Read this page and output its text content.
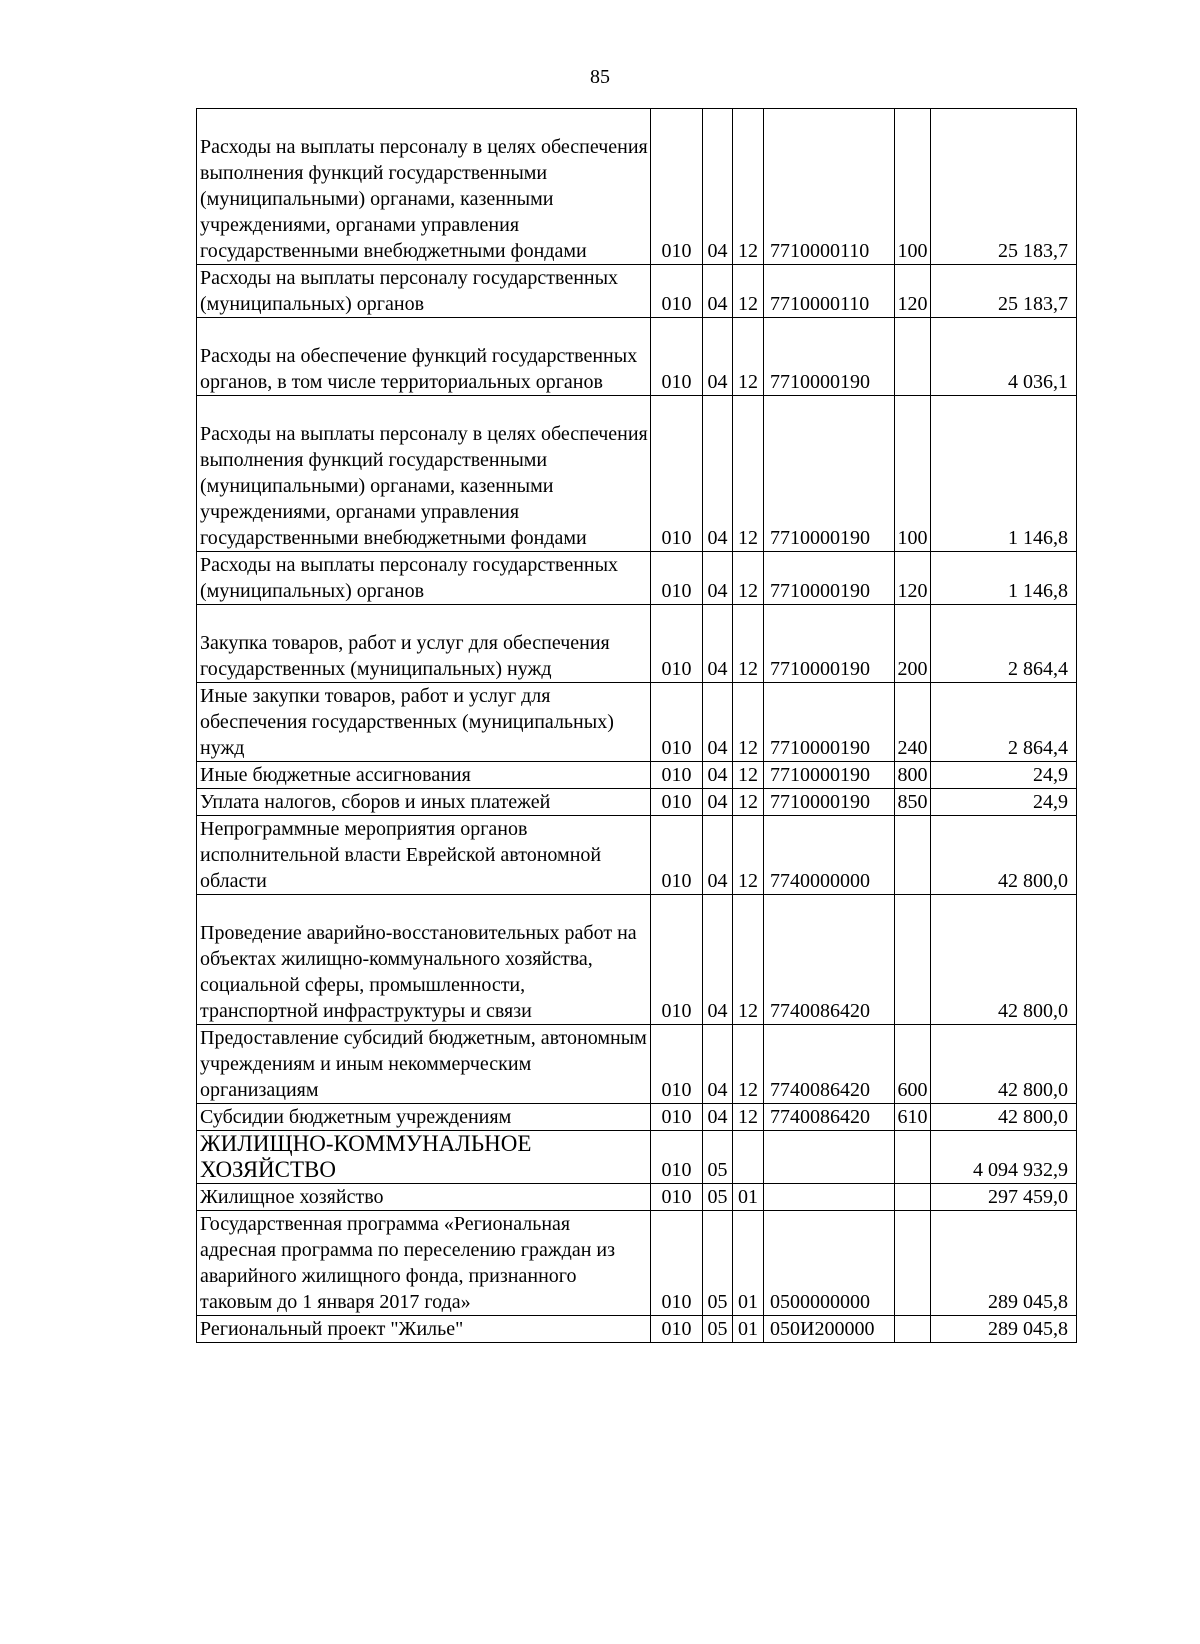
85
Расходы на выплаты персоналу в целях обеспечения выполнения функций государственными (муниципальными) органами, казенными учреждениями, органами управления государственными внебюджетными фондами	010	04	12	7710000110	100	25 183,7
Расходы на выплаты персоналу государственных (муниципальных) органов	010	04	12	7710000110	120	25 183,7
Расходы на обеспечение функций государственных органов, в том числе территориальных органов	010	04	12	7710000190		4 036,1
Расходы на выплаты персоналу в целях обеспечения выполнения функций государственными (муниципальными) органами, казенными учреждениями, органами управления государственными внебюджетными фондами	010	04	12	7710000190	100	1 146,8
Расходы на выплаты персоналу государственных (муниципальных) органов	010	04	12	7710000190	120	1 146,8
Закупка товаров, работ и услуг для обеспечения государственных (муниципальных) нужд	010	04	12	7710000190	200	2 864,4
Иные закупки товаров, работ и услуг для обеспечения государственных (муниципальных) нужд	010	04	12	7710000190	240	2 864,4
Иные бюджетные ассигнования	010	04	12	7710000190	800	24,9
Уплата налогов, сборов и иных платежей	010	04	12	7710000190	850	24,9
Непрограммные мероприятия органов исполнительной власти Еврейской автономной области	010	04	12	7740000000		42 800,0
Проведение аварийно-восстановительных работ на объектах жилищно-коммунального хозяйства, социальной сферы, промышленности, транспортной инфраструктуры и связи	010	04	12	7740086420		42 800,0
Предоставление субсидий бюджетным, автономным учреждениям и иным некоммерческим организациям	010	04	12	7740086420	600	42 800,0
Субсидии бюджетным учреждениям	010	04	12	7740086420	610	42 800,0
ЖИЛИЩНО-КОММУНАЛЬНОЕ ХОЗЯЙСТВО	010	05				4 094 932,9
Жилищное хозяйство	010	05	01			297 459,0
Государственная программа «Региональная адресная программа по переселению граждан из аварийного жилищного фонда, признанного таковым до 1 января 2017 года»	010	05	01	0500000000		289 045,8
Региональный проект "Жилье"	010	05	01	050И200000		289 045,8
